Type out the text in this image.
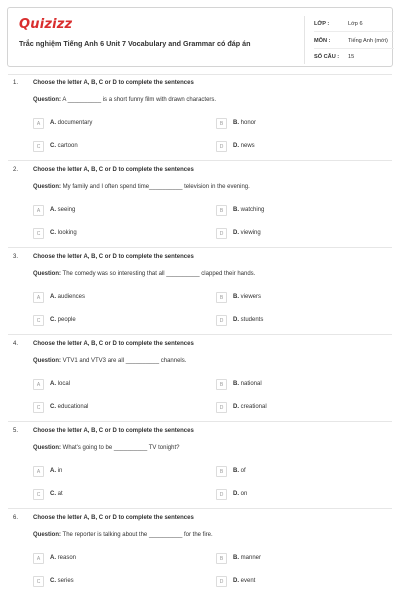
Quizizz
Trắc nghiệm Tiếng Anh 6 Unit 7 Vocabulary and Grammar có đáp án
LỚP :	Lớp 6
MÔN :	Tiếng Anh (mới)
SỐ CÂU : 15
1. Choose the letter A, B, C or D to complete the sentences
Question: A __________ is a short funny film with drawn characters.
A	A. documentary	B	B. honor
C	C. cartoon	D	D. news
2. Choose the letter A, B, C or D to complete the sentences
Question: My family and I often spend time__________ television in the evening.
A	A. seeing	B	B. watching
C	C. looking	D	D. viewing
3. Choose the letter A, B, C or D to complete the sentences
Question: The comedy was so interesting that all __________ clapped their hands.
A	A. audiences	B	B. viewers
C	C. people	D	D. students
4. Choose the letter A, B, C or D to complete the sentences
Question: VTV1 and VTV3 are all __________ channels.
A	A. local	B	B. national
C	C. educational	D	D. creational
5. Choose the letter A, B, C or D to complete the sentences
Question: What's going to be __________ TV tonight?
A	A. in	B	B. of
C	C. at	D	D. on
6. Choose the letter A, B, C or D to complete the sentences
Question: The reporter is talking about the __________ for the fire.
A	A. reason	B	B. manner
C	C. series	D	D. event
